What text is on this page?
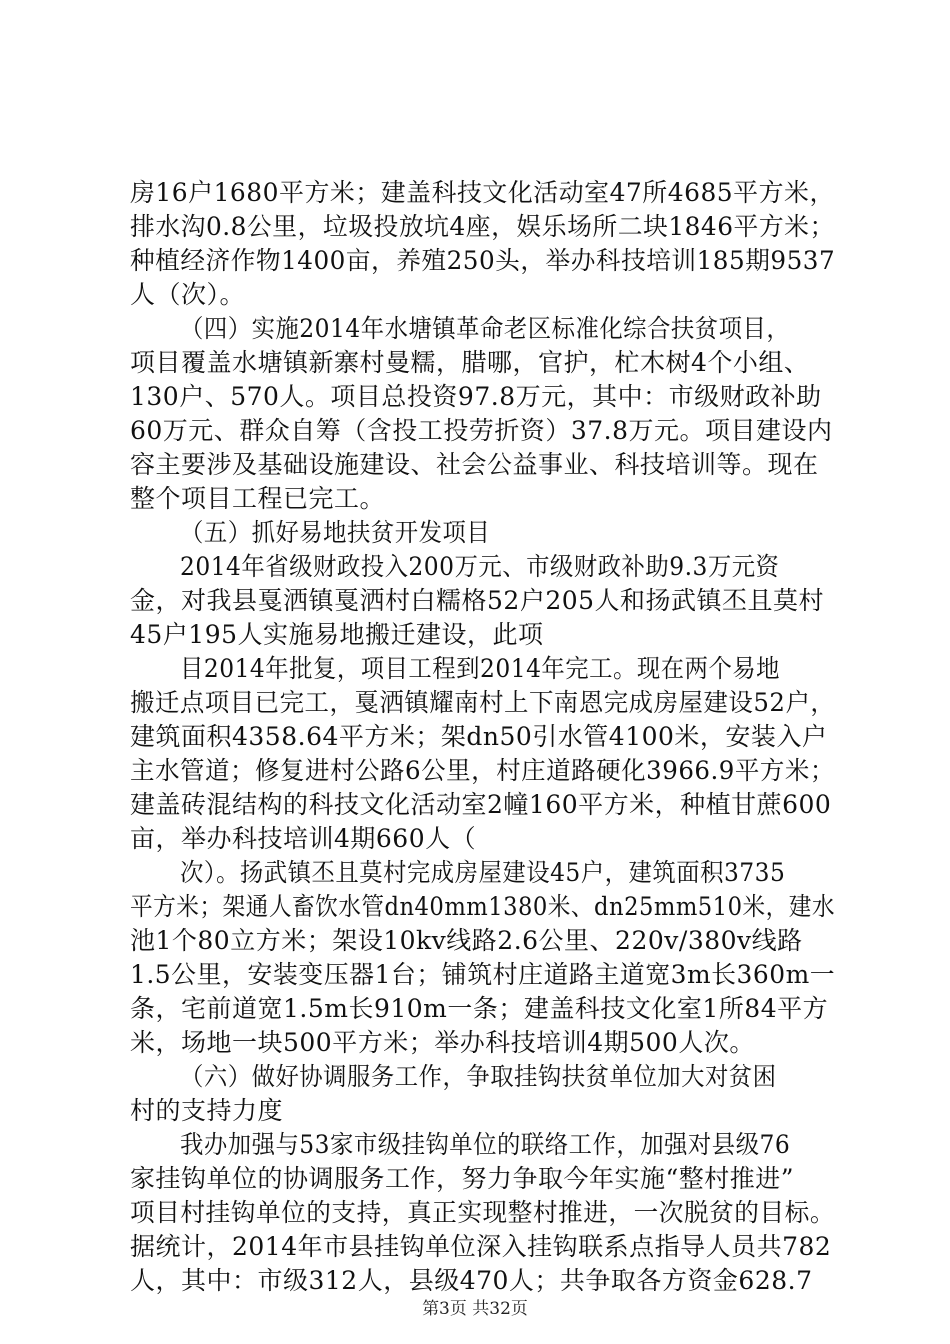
房16户1680平方米；建盖科技文化活动室47所4685平方米，
排水沟0.8公里，垃圾投放坑4座，娱乐场所二块1846平方米；
种植经济作物1400亩，养殖250头，举办科技培训185期9537
人（次）。
（四）实施2014年水塘镇革命老区标准化综合扶贫项目，
项目覆盖水塘镇新寨村曼糯，腊哪，官护，杧木树4个小组、
130户、570人。项目总投资97.8万元，其中：市级财政补助
60万元、群众自筹（含投工投劳折资）37.8万元。项目建设内
容主要涉及基础设施建设、社会公益事业、科技培训等。现在
整个项目工程已完工。
（五）抓好易地扶贫开发项目
2014年省级财政投入200万元、市级财政补助9.3万元资
金，对我县戛洒镇戛洒村白糯格52户205人和扬武镇丕且莫村
45户195人实施易地搬迁建设，此项
目2014年批复，项目工程到2014年完工。现在两个易地
搬迁点项目已完工，戛洒镇耀南村上下南恩完成房屋建设52户，
建筑面积4358.64平方米；架dn50引水管4100米，安装入户
主水管道；修复进村公路6公里，村庄道路硬化3966.9平方米；
建盖砖混结构的科技文化活动室2幢160平方米，种植甘蔗600
亩，举办科技培训4期660人（
次）。扬武镇丕且莫村完成房屋建设45户，建筑面积3735
平方米；架通人畜饮水管dn40mm1380米、dn25mm510米，建水
池1个80立方米；架设10kv线路2.6公里、220v/380v线路
1.5公里，安装变压器1台；铺筑村庄道路主道宽3m长360m一
条，宅前道宽1.5m长910m一条；建盖科技文化室1所84平方
米，场地一块500平方米；举办科技培训4期500人次。
（六）做好协调服务工作，争取挂钩扶贫单位加大对贫困
村的支持力度
我办加强与53家市级挂钩单位的联络工作，加强对县级76
家挂钩单位的协调服务工作，努力争取今年实施“整村推进”
项目村挂钩单位的支持，真正实现整村推进，一次脱贫的目标。
据统计，2014年市县挂钩单位深入挂钩联系点指导人员共782
人，其中：市级312人，县级470人；共争取各方资金628.7
第3页 共32页
